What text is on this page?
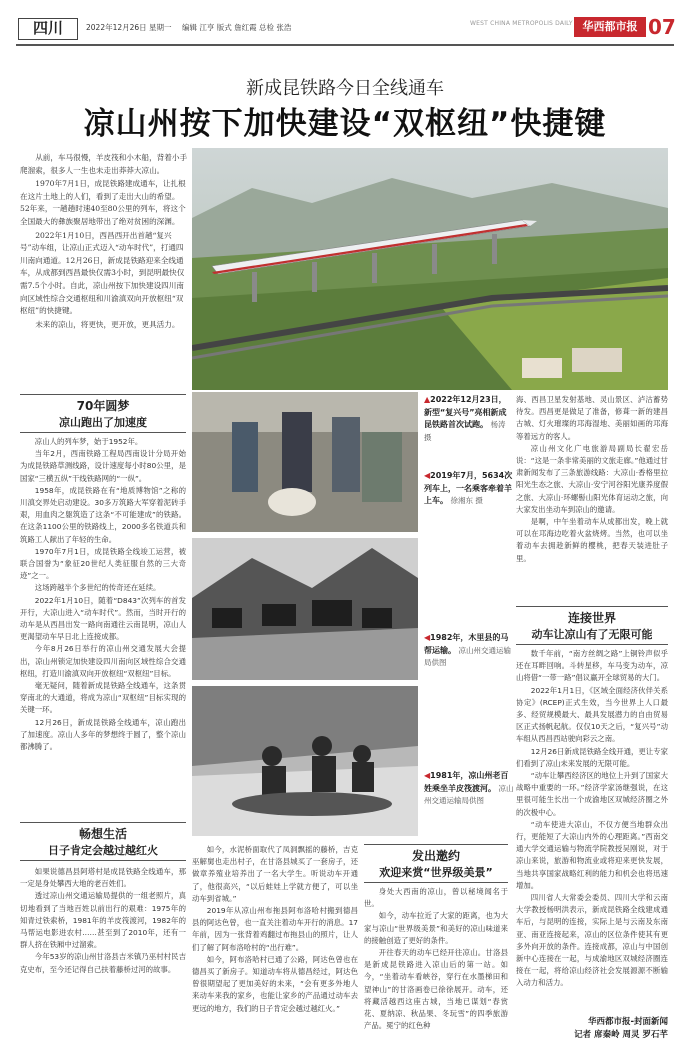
四川	2022年12月26日 星期一 编辑 江亨 版式 詹红霞 总检 张浩	WEST CHINA METROPOLIS DAILY 华西都市报 07
新成昆铁路今日全线通车
凉山州按下加快建设“双枢纽”快捷键

从前，车马很慢，羊皮筏和小木船，背着小手爬溜索，很多人一生也未走出莽莽大凉山。

1970年7月1日，成昆铁路建成通车，让扎根在这片土地上的人们，看到了走出大山的希望。52年来，一趟趟时速40至80公里的列车，将这个全国最大的彝族聚居地带出了绝对贫困的深渊。

2022年1月10日，西昌西开出首趟“复兴号”动车组，让凉山正式迈入“动车时代”，打通四川南向通道。12月26日，新成昆铁路迎来全线通车，从成都到西昌最快仅需3小时，到昆明最快仅需7.5个小时。自此，凉山州按下加快建设四川南向区域性综合交通枢纽和川渝滇双向开放枢纽“双枢纽”的快捷键。

未来的凉山，将更快，更开放，更具活力。

70年圆梦
凉山跑出了加速度

凉山人的列车梦，始于1952年。

当年2月，西南铁路工程局西南设计分局开始为成昆铁路草测线路，设计速度每小时80公里，是国家“三横五纵”干线铁路网的“一纵”。

1958年，成昆铁路在有“地质博物馆”之称的川滇交界处启动建设。30多万筑路大军穿着泥砖手艰，用血肉之躯筑造了这条“不可能建成”的铁路。在这条1100公里的铁路线上，2000多名铁道兵和筑路工人献出了年轻的生命。

1970年7月1日，成昆铁路全线竣工运营，被联合国誉为“象征20世纪人类征服自然的三大奇迹”之一。

这场跨越半个多世纪的传奇还在延续。

2022年1月10日，随着“D843”次列车的首发开行，大凉山进入“动车时代”。然而，当时开行的动车是从西昌出发一路向南通往云南昆明，凉山人更渴望动车早日北上连接成都。

今年8月26日举行的凉山州交通发展大会提出，凉山州锁定加快建设四川南向区域性综合交通枢纽，打造川渝滇双向开放枢纽“双枢纽”目标。

毫无疑问，随着新成昆铁路全线通车，这条贯穿南北的大通道，将成为凉山“双枢纽”目标实现的关键一环。

12月26日，新成昆铁路全线通车，凉山跑出了加速度。凉山人多年的梦想终于圆了，整个凉山都沸腾了。

畅想生活
日子肯定会越过越红火

如果说德昌县阿塔村是成昆铁路全线通车，那一定是身处攀西大地的老百姓们。

透过凉山州交通运输局提供的一组老照片，真切地看到了当地百姓以前出行的艰难：1975年的知青过铁索桥，1981年的羊皮筏渡河，1982年的马帮运电影进农村……甚至到了2010年，还有一群人挤在铁厢中过溜索。

今年53岁的凉山州甘洛县吉米镇乃巫村村民吉克史布，至今还记得自己扶着藤桥过河的故事。

如今，水泥桥面取代了凤洞飘摇的藤桥，吉克巫解舅也走出村子，在甘洛县城买了一套房子，还做章养殖业培养出了一名大学生。听说动车开通了，他很高兴，“以后蛙娃上学就方便了，可以坐动车到省城。”

2019年从凉山州布拖县阿布洛哈村搬到德昌县的阿达色曾，也一直关注着动车开行的消息。17年前，因为一张背着鸡翻过布拖县山的照片，让人们了解了阿布洛哈村的“出行难”。

如今，阿布洛哈村已通了公路，阿达色曾也在德昌买了新房子。知道动车将从德昌经过，阿达色曾很期望起了更加美好的未来，“会有更多外地人来动车来我的家乡，也能让家乡的产品通过动车去更远的地方，我们的日子肯定会越过越红火。”

▲2022年12月23日，新型“复兴号”亮相新成昆铁路首次试跑。 杨涛 摄
◀2019年7月，5634次列车上，一名乘客牵着羊上车。 徐湘东 摄
◀1982年，木里县的马帮运输。 凉山州交通运输局供图
◀1981年，凉山州老百姓乘坐羊皮筏渡河。 凉山州交通运输局供图
发出邀约
欢迎来赏“世界级美景”

身处大西南的凉山，曾以秘境闻名于世。

如今，动车拉近了大家的距离，也为大家与凉山“世界级美景”和美好的凉山味道来的接触创造了更好的条件。

开往春天的动车已经开往凉山。甘洛县是新成昆铁路进入凉山后的第一站。如今，“坐着动车看峡谷，穿行在水墨梯田和望神山”的甘洛画卷已徐徐展开。动车，还将藏活越西这座古城，当地已谋划“春赏花、夏纳凉、秋品果、冬玩雪”的四季旅游产品。冕宁的红色种

海、西昌卫星发射基地、灵山景区、泸沽蓄势待发。西昌更是做足了准备，修葺一新的建昌古城、灯火璀璨的邛海湿地、美丽如画的邛海等着远方的客人。

凉山州文化广电旅游局副局长翟宏岳说：“这是一条非常美丽的文旅走廊。”他通过甘肃新闻发布了三条旅游线路：大凉山·香格里拉阳光生态之旅、大凉山·安宁河谷阳光康养度假之旅、大凉山·环螺髻山阳光体育运动之旅，向大家发出坐动车到凉山的邀请。

是啊，中午坐着动车从成都出发，晚上就可以在邛海边吃着火盆烧烤。当然，也可以坐着动车去拥趁新鲜的樱桃，把春天装进肚子里。

连接世界
动车让凉山有了无限可能

数千年前，“南方丝绸之路”上铜铃声似乎还在耳畔回响。斗转星移，车马变为动车，凉山将借“一带一路”倡议赢开全球贸易的大门。

2022年1月1日，《区域全面经济伙伴关系协定》(RCEP)正式生效，当今世界上人口最多、经贸规模最大、最具发展潜力的自由贸易区正式扬帆起航。仅仅10天之后，“复兴号”动车组从西昌西站驶向彩云之南。

12月26日新成昆铁路全线开通，更让专家们看到了凉山未来发展的无限可能。

“动车让攀西经济区的地位上升到了国家大战略中重要的一环。”经济学家汤继强说，在这里很可能生长出一个成渝地区双城经济圈之外的次极中心。

“动车使进大凉山，不仅方便当地群众出行，更能短了大凉山内外的心理距离。”西南交通大学交通运输与物流学院教授吴刚说，对于凉山来说，旅游和物流业或将迎来更快发展，当地共享国家战略红利的能力和机会也将迅速增加。

四川省人大常委会委员、四川大学和云南大学教授杨明洪表示，新成昆铁路全线建成通车后，与昆明的连接，实际上是与云南及东南亚、南亚连接起来，凉山的区位条件使其有更多外向开放的条件。连接成都，凉山与中国创新中心连接在一起，与成渝地区双城经济圈连接在一起，将给凉山经济社会发展源源不断输入动力和活力。

华西都市报-封面新闻
记者 席秦岭 周灵 罗石芊
